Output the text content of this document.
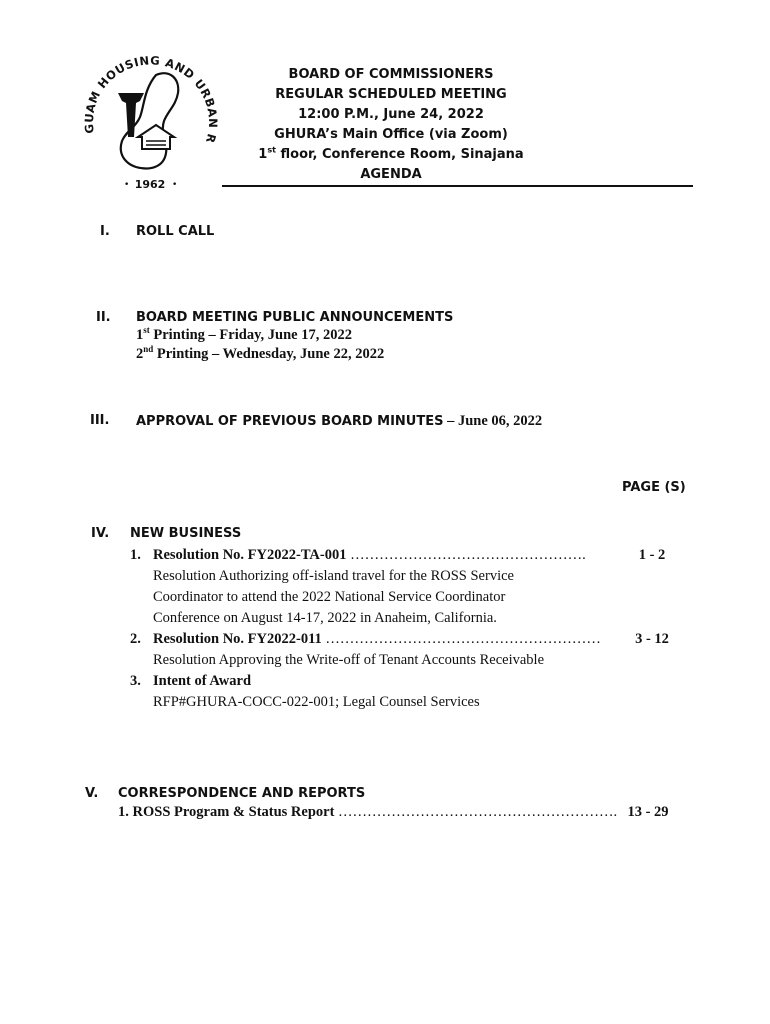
GUAM HOUSING AND URBAN R
1962
•	•
BOARD OF COMMISSIONERS
REGULAR SCHEDULED MEETING
12:00 P.M., June 24, 2022
GHURA’s Main Office (via Zoom)
1st floor, Conference Room, Sinajana
AGENDA
I. ROLL CALL
II. BOARD MEETING PUBLIC ANNOUNCEMENTS
1st Printing – Friday, June 17, 2022
2nd Printing – Wednesday, June 22, 2022
III. APPROVAL OF PREVIOUS BOARD MINUTES – June 06, 2022
PAGE (S)
IV. NEW BUSINESS
1. Resolution No. FY2022-TA-001 ………………………………………….	1 - 2
Resolution Authorizing off-island travel for the ROSS Service
Coordinator to attend the 2022 National Service Coordinator
Conference on August 14-17, 2022 in Anaheim, California.
2. Resolution No. FY2022-011 …………………………………………………	3 - 12
Resolution Approving the Write-off of Tenant Accounts Receivable
3. Intent of Award
RFP#GHURA-COCC-022-001; Legal Counsel Services
V. CORRESPONDENCE AND REPORTS
1. ROSS Program & Status Report …………………………………………………. 13 - 29
